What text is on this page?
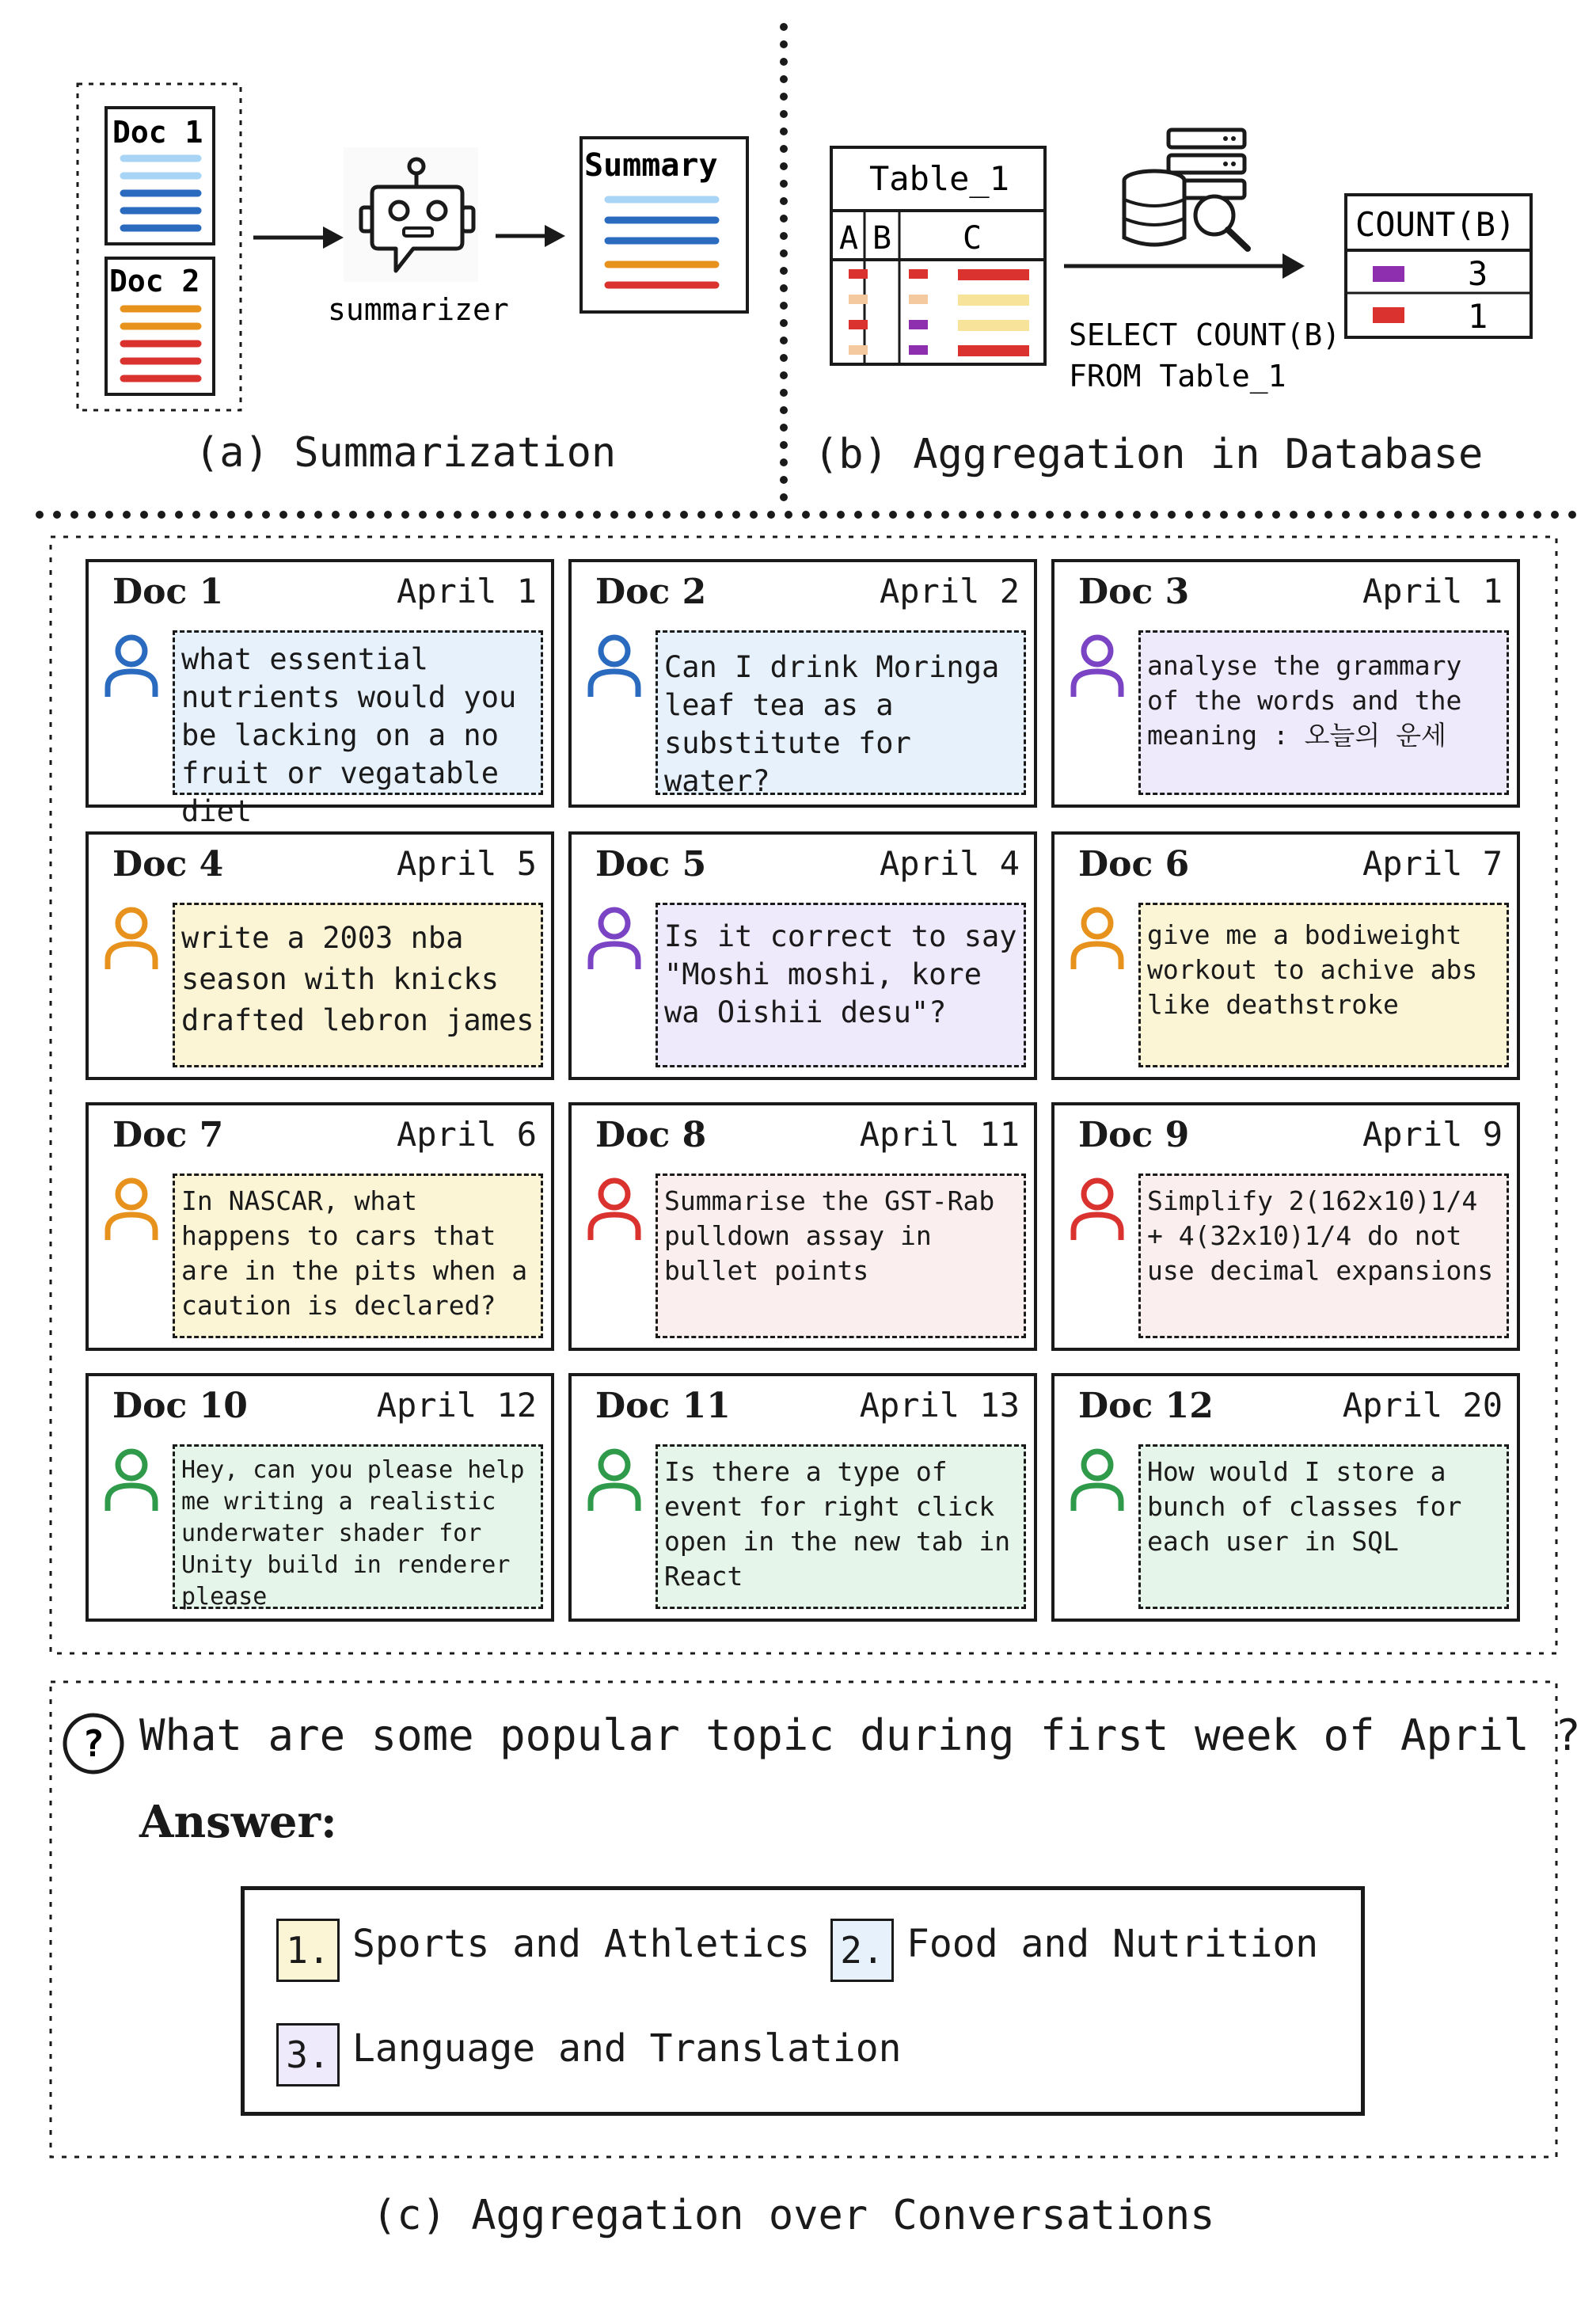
Doc 1
Doc 2
summarizer
Summary
(a) Summarization
Table_1
A B C
SELECT COUNT(B)
FROM Table_1
COUNT(B)
3
1
(b) Aggregation in Database
Doc 1	April 1
what essential nutrients would you be lacking on a no fruit or vegatable diet
Doc 2	April 2
Can I drink Moringa leaf tea as a substitute for water?
Doc 3	April 1
analyse the grammary of the words and the meaning : 오늘의 운세
Doc 4	April 5
write a 2003 nba season with knicks drafted lebron james
Doc 5	April 4
Is it correct to say "Moshi moshi, kore wa Oishii desu"?
Doc 6	April 7
give me a bodiweight workout to achive abs like deathstroke
Doc 7	April 6
In NASCAR, what happens to cars that are in the pits when a caution is declared?
Doc 8	April 11
Summarise the GST-Rab pulldown assay in bullet points
Doc 9	April 9
Simplify 2(162x10)1/4 + 4(32x10)1/4 do not use decimal expansions
Doc 10	April 12
Hey, can you please help me writing a realistic underwater shader for Unity build in renderer please
Doc 11	April 13
Is there a type of event for right click open in the new tab in React
Doc 12	April 20
How would I store a bunch of classes for each user in SQL
? What are some popular topic during first week of April ?
Answer:
1. Sports and Athletics 2. Food and Nutrition
3. Language and Translation
(c) Aggregation over Conversations
